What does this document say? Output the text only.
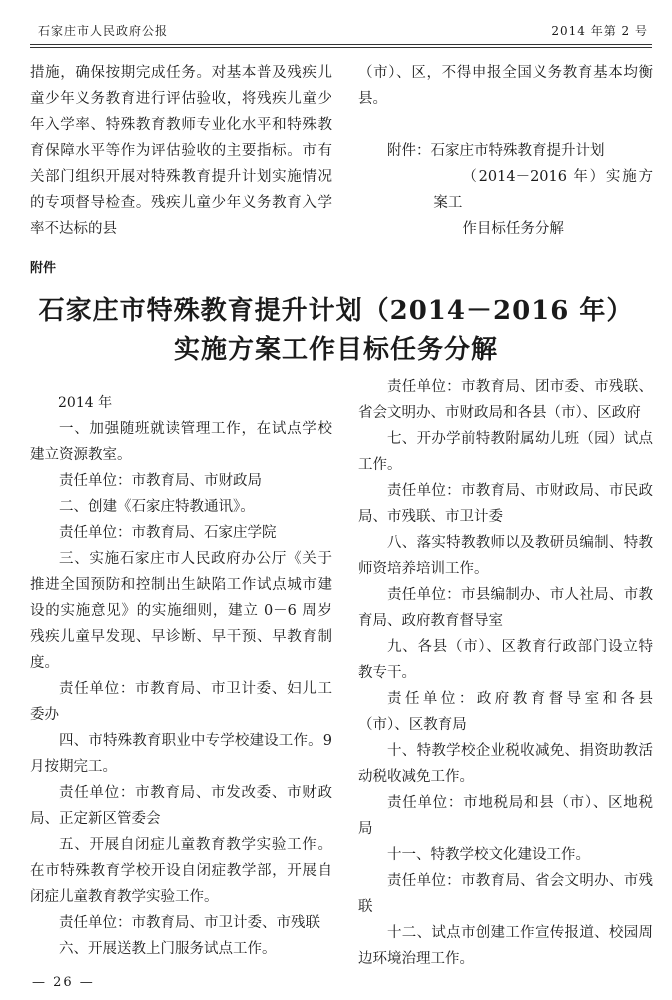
石家庄市人民政府公报	2014 年第 2 号

措施，确保按期完成任务。对基本普及残疾儿童少年义务教育进行评估验收，将残疾儿童少年入学率、特殊教育教师专业化水平和特殊教育保障水平等作为评估验收的主要指标。市有关部门组织开展对特殊教育提升计划实施情况的专项督导检查。残疾儿童少年义务教育入学率不达标的县

（市）、区，不得申报全国义务教育基本均衡县。

附件：石家庄市特殊教育提升计划

（2014－2016 年）实施方案工

作目标任务分解

附件
石家庄市特殊教育提升计划（2014－2016 年）
实施方案工作目标任务分解

2014 年

一、加强随班就读管理工作，在试点学校建立资源教室。

责任单位：市教育局、市财政局

二、创建《石家庄特教通讯》。

责任单位：市教育局、石家庄学院

三、实施石家庄市人民政府办公厅《关于推进全国预防和控制出生缺陷工作试点城市建设的实施意见》的实施细则，建立 0－6 周岁残疾儿童早发现、早诊断、早干预、早教育制度。

责任单位：市教育局、市卫计委、妇儿工委办

四、市特殊教育职业中专学校建设工作。9 月按期完工。

责任单位：市教育局、市发改委、市财政局、正定新区管委会

五、开展自闭症儿童教育教学实验工作。在市特殊教育学校开设自闭症教学部，开展自闭症儿童教育教学实验工作。

责任单位：市教育局、市卫计委、市残联

六、开展送教上门服务试点工作。

责任单位：市教育局、团市委、市残联、省会文明办、市财政局和各县（市）、区政府

七、开办学前特教附属幼儿班（园）试点工作。

责任单位：市教育局、市财政局、市民政局、市残联、市卫计委

八、落实特教教师以及教研员编制、特教师资培养培训工作。

责任单位：市县编制办、市人社局、市教育局、政府教育督导室

九、各县（市）、区教育行政部门设立特教专干。

责任单位：政府教育督导室和各县（市）、区教育局

十、特教学校企业税收减免、捐资助教活动税收减免工作。

责任单位：市地税局和县（市）、区地税局

十一、特教学校文化建设工作。

责任单位：市教育局、省会文明办、市残联

十二、试点市创建工作宣传报道、校园周边环境治理工作。

— 26 —
